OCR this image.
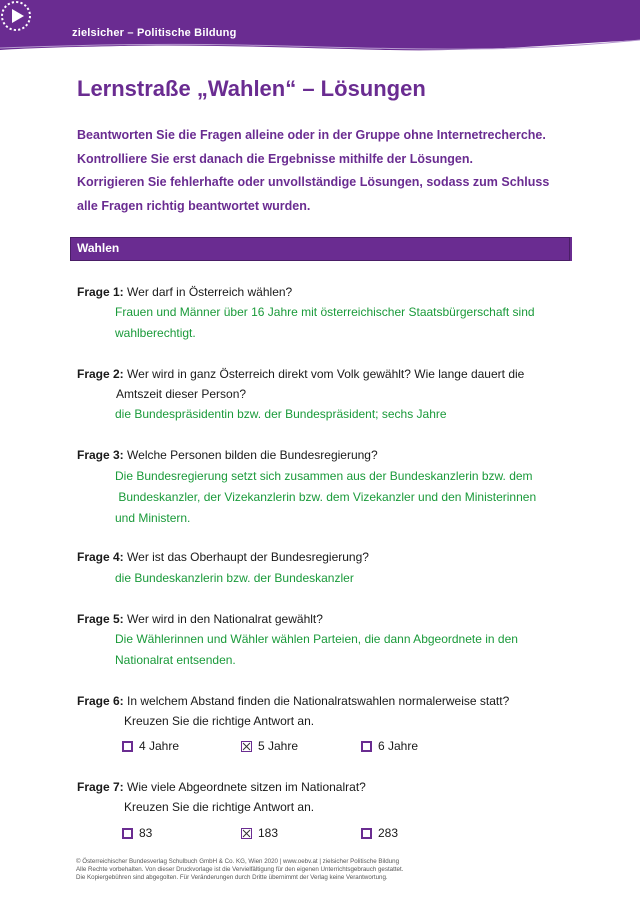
zielsicher – Politische Bildung
Lernstraße „Wahlen“ – Lösungen
Beantworten Sie die Fragen alleine oder in der Gruppe ohne Internetrecherche.
Kontrolliere Sie erst danach die Ergebnisse mithilfe der Lösungen.
Korrigieren Sie fehlerhafte oder unvollständige Lösungen, sodass zum Schluss
alle Fragen richtig beantwortet wurden.
Wahlen
Frage 1: Wer darf in Österreich wählen?
Frauen und Männer über 16 Jahre mit österreichischer Staatsbürgerschaft sind
wahlberechtigt.
Frage 2: Wer wird in ganz Österreich direkt vom Volk gewählt? Wie lange dauert die
Amtszeit dieser Person?
die Bundespräsidentin bzw. der Bundespräsident; sechs Jahre
Frage 3: Welche Personen bilden die Bundesregierung?
Die Bundesregierung setzt sich zusammen aus der Bundeskanzlerin bzw. dem
Bundeskanzler, der Vizekanzlerin bzw. dem Vizekanzler und den Ministerinnen
und Ministern.
Frage 4: Wer ist das Oberhaupt der Bundesregierung?
die Bundeskanzlerin bzw. der Bundeskanzler
Frage 5: Wer wird in den Nationalrat gewählt?
Die Wählerinnen und Wähler wählen Parteien, die dann Abgeordnete in den
Nationalrat entsenden.
Frage 6: In welchem Abstand finden die Nationalratswahlen normalerweise statt?
Kreuzen Sie die richtige Antwort an.
4 Jahre	5 Jahre	6 Jahre
Frage 7: Wie viele Abgeordnete sitzen im Nationalrat?
Kreuzen Sie die richtige Antwort an.
83	183	283
© Österreichischer Bundesverlag Schulbuch GmbH & Co. KG, Wien 2020 | www.oebv.at | zielsicher Politische Bildung
Alle Rechte vorbehalten. Von dieser Druckvorlage ist die Vervielfältigung für den eigenen Unterrichtsgebrauch gestattet.
Die Kopiergebühren sind abgegolten. Für Veränderungen durch Dritte übernimmt der Verlag keine Verantwortung.
